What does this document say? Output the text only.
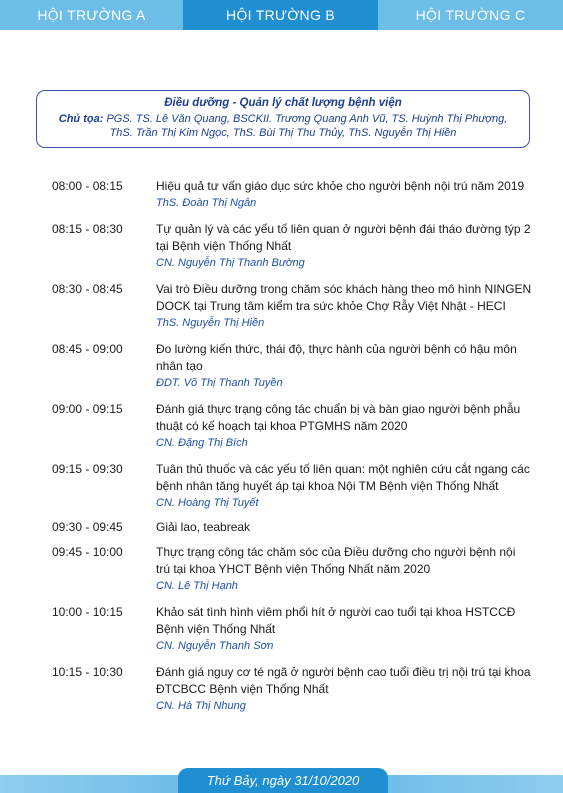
HỘI TRƯỜNG A	HỘI TRƯỜNG B	HỘI TRƯỜNG C
Điều dưỡng - Quản lý chất lượng bệnh viện
Chủ tọa: PGS. TS. Lê Văn Quang, BSCKII. Trương Quang Anh Vũ, TS. Huỳnh Thị Phượng,
ThS. Trần Thị Kim Ngọc, ThS. Bùi Thị Thu Thủy, ThS. Nguyễn Thị Hiền
08:00 - 08:15	Hiệu quả tư vấn giáo dục sức khỏe cho người bệnh nội trú năm 2019
ThS. Đoàn Thị Ngân
08:15 - 08:30	Tự quản lý và các yếu tố liên quan ở người bệnh đái tháo đường týp 2 tại Bệnh viện Thống Nhất
CN. Nguyễn Thị Thanh Bường
08:30 - 08:45	Vai trò Điều dưỡng trong chăm sóc khách hàng theo mô hình NINGEN DOCK tại Trung tâm kiểm tra sức khỏe Chợ Rẫy Việt Nhật - HECI
ThS. Nguyễn Thị Hiền
08:45 - 09:00	Đo lường kiến thức, thái độ, thực hành của người bệnh có hậu môn nhân tạo
ĐDT. Võ Thị Thanh Tuyền
09:00 - 09:15	Đánh giá thực trạng công tác chuẩn bị và bàn giao người bệnh phẫu thuật có kế hoạch tại khoa PTGMHS năm 2020
CN. Đặng Thị Bích
09:15 - 09:30	Tuân thủ thuốc và các yếu tố liên quan: một nghiên cứu cắt ngang các bệnh nhân tăng huyết áp tại khoa Nội TM Bệnh viện Thống Nhất
CN. Hoàng Thị Tuyết
09:30 - 09:45	Giải lao, teabreak
09:45 - 10:00	Thực trạng công tác chăm sóc của Điều dưỡng cho người bệnh nội trú tại khoa YHCT Bệnh viện Thống Nhất năm 2020
CN. Lê Thị Hạnh
10:00 - 10:15	Khảo sát tình hình viêm phổi hít ở người cao tuổi tại khoa HSTCCĐ Bệnh viện Thống Nhất
CN. Nguyễn Thanh Sơn
10:15 - 10:30	Đánh giá nguy cơ té ngã ở người bệnh cao tuổi điều trị nội trú tại khoa ĐTCBCC Bệnh viện Thống Nhất
CN. Hà Thị Nhung
Thứ Bảy, ngày 31/10/2020
